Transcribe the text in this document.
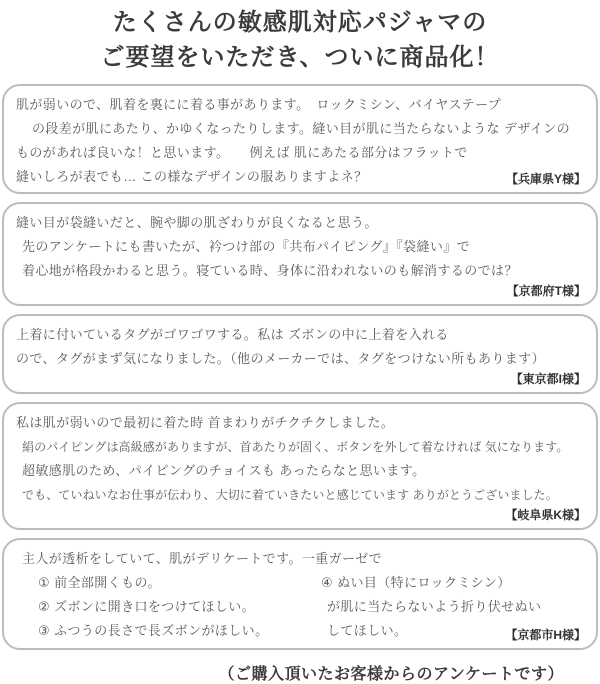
たくさんの敏感肌対応パジャマの
ご要望をいただき、ついに商品化！
肌が弱いので、肌着を裏にに着る事があります。　ロックミシン、バイヤステープ
の段差が肌にあたり、かゆくなったりします。縫い目が肌に当たらないような デザインの
ものがあれば良いな！と思います。　　例えば 肌にあたる部分はフラットで
縫いしろが表でも… この様なデザインの服ありますよネ？	【兵庫県Y様】
縫い目が袋縫いだと、腕や脚の肌ざわりが良くなると思う。
先のアンケートにも書いたが、衿つけ部の『共布パイピング』『袋縫い』で
着心地が格段かわると思う。寝ている時、身体に沿われないのも解消するのでは？
【京都府T様】
上着に付いているタグがゴワゴワする。私は ズボンの中に上着を入れる
ので、タグがまず気になりました。（他のメーカーでは、タグをつけない所もあります）
【東京都I様】
私は肌が弱いので最初に着た時 首まわりがチクチクしました。
絹のパイピングは高級感がありますが、首あたりが固く、ボタンを外して着なければ 気になります。
超敏感肌のため、パイピングのチョイスも あったらなと思います。
でも、ていねいなお仕事が伝わり、大切に着ていきたいと感じています ありがとうございました。
【岐阜県K様】
主人が透析をしていて、肌がデリケートです。一重ガーゼで
① 前全部開くもの。
② ズボンに開き口をつけてほしい。
③ ふつうの長さで長ズボンがほしい。
④ ぬい目（特にロックミシン）
が肌に当たらないよう折り伏せぬい
してほしい。	【京都市H様】
（ご購入頂いたお客様からのアンケートです）
